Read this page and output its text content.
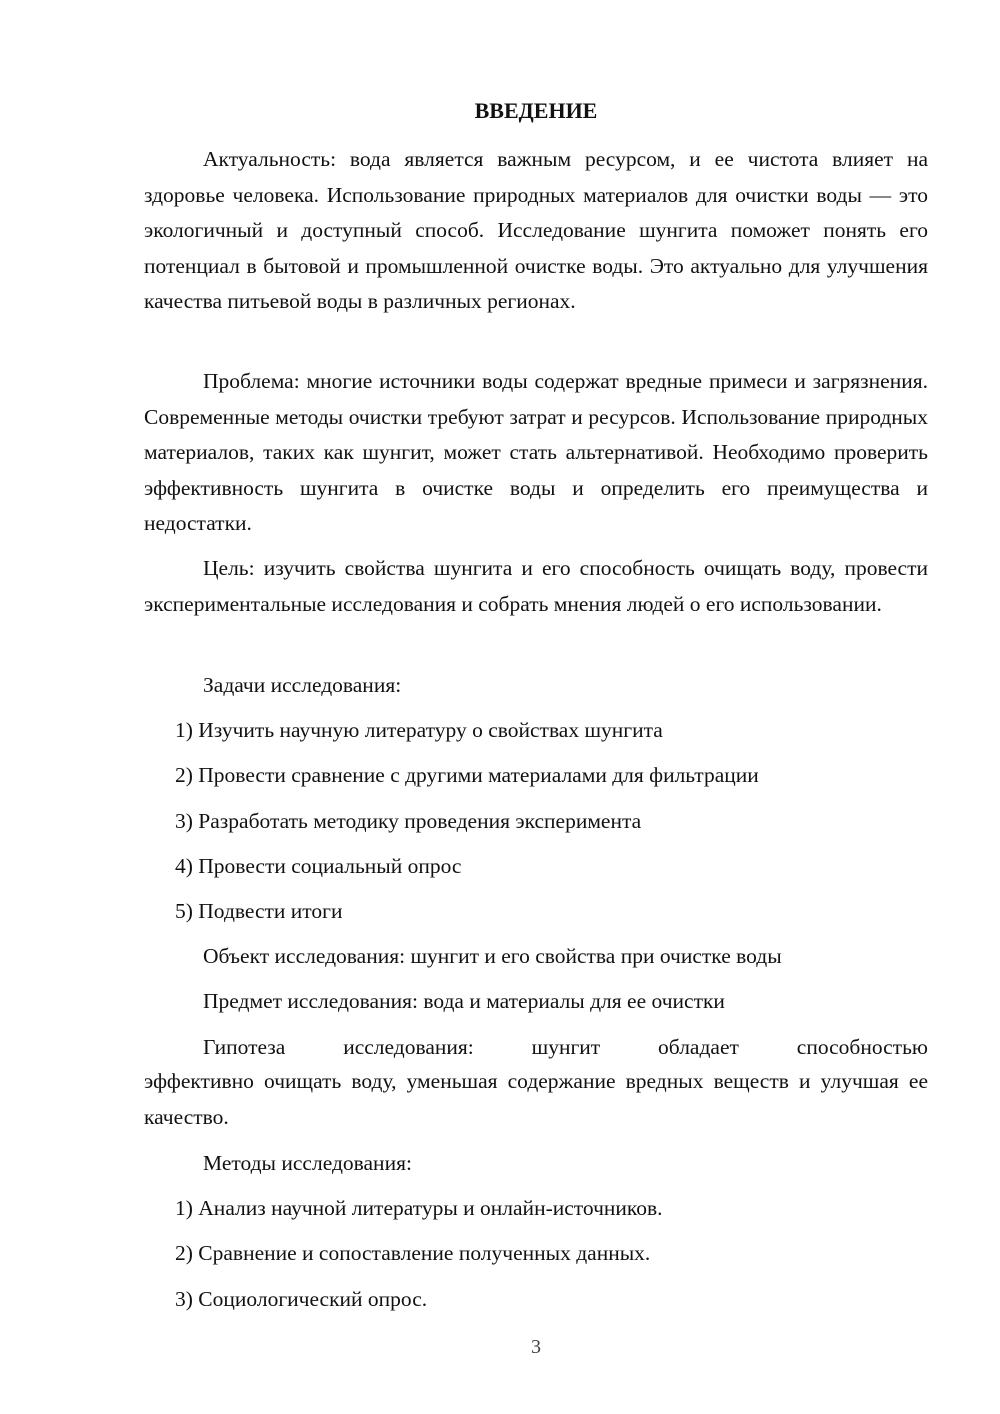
ВВЕДЕНИЕ

Актуальность: вода является важным ресурсом, и ее чистота влияет на здоровье человека. Использование природных материалов для очистки воды — это экологичный и доступный способ. Исследование шунгита поможет понять его потенциал в бытовой и промышленной очистке воды. Это актуально для улучшения качества питьевой воды в различных регионах.

Проблема: многие источники воды содержат вредные примеси и загрязнения. Современные методы очистки требуют затрат и ресурсов. Использование природных материалов, таких как шунгит, может стать альтернативой. Необходимо проверить эффективность шунгита в очистке воды и определить его преимущества и недостатки.

Цель: изучить свойства шунгита и его способность очищать воду, провести экспериментальные исследования и собрать мнения людей о его использовании.

Задачи исследования:

1) Изучить научную литературу о свойствах шунгита

2) Провести сравнение с другими материалами для фильтрации

3) Разработать методику проведения эксперимента

4) Провести социальный опрос

5) Подвести итоги

Объект исследования: шунгит и его свойства при очистке воды

Предмет исследования: вода и материалы для ее очистки

Гипотеза	исследования:	шунгит	обладает	способностью

эффективно очищать воду, уменьшая содержание вредных веществ и улучшая ее качество.

Методы исследования:

1) Анализ научной литературы и онлайн-источников.

2) Сравнение и сопоставление полученных данных.

3) Социологический опрос.

3
